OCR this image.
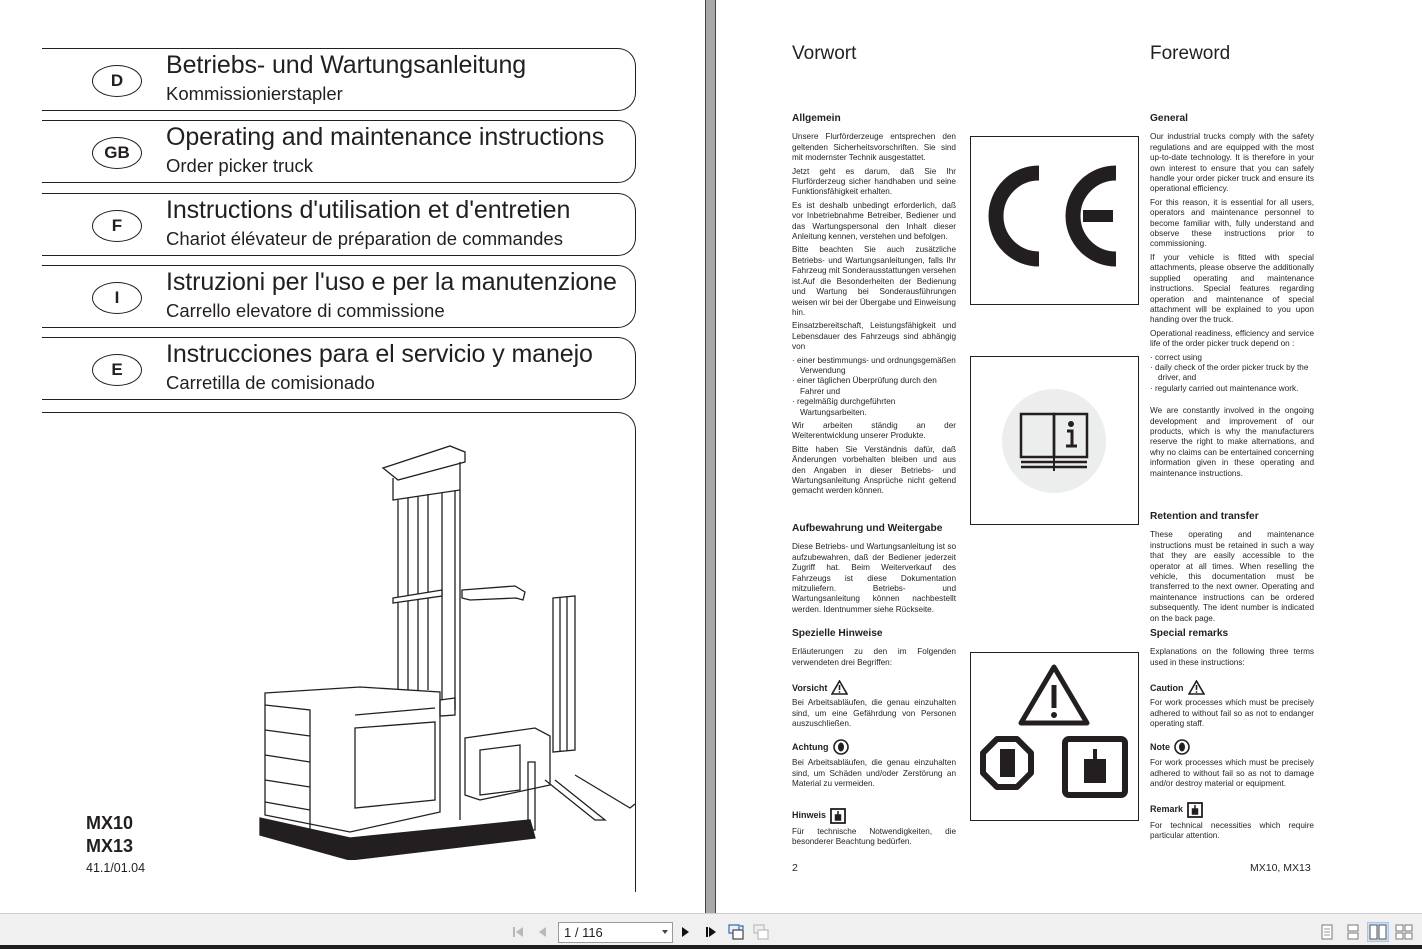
D
Betriebs- und Wartungsanleitung
Kommissionierstapler
GB
Operating and maintenance instructions
Order picker truck
F
Instructions d'utilisation et d'entretien
Chariot élévateur de préparation de commandes
I
Istruzioni per l'uso e per la manutenzione
Carrello elevatore di commissione
E
Instrucciones para el servicio y manejo
Carretilla de comisionado
MX10
MX13
41.1/01.04
Vorwort	Foreword
Allgemein

Unsere Flurförderzeuge entsprechen den geltenden Sicherheitsvorschriften. Sie sind mit modernster Technik ausgestattet.

Jetzt geht es darum, daß Sie Ihr Flurförderzeug sicher handhaben und seine Funktionsfähigkeit erhalten.

Es ist deshalb unbedingt erforderlich, daß vor Inbetriebnahme Betreiber, Bediener und das Wartungspersonal den Inhalt dieser Anleitung kennen, verstehen und befolgen.

Bitte beachten Sie auch zusätzliche Betriebs- und Wartungsanleitungen, falls Ihr Fahrzeug mit Sonderausstattungen versehen ist.Auf die Besonderheiten der Bedienung und Wartung bei Sonderausführungen weisen wir bei der Übergabe und Einweisung hin.

Einsatzbereitschaft, Leistungsfähigkeit und Lebensdauer des Fahrzeugs sind abhängig von

· einer bestimmungs- und ordnungsgemäßen Verwendung
· einer täglichen Überprüfung durch den Fahrer und
· regelmäßig durchgeführten Wartungsarbeiten.

Wir arbeiten ständig an der Weiterentwicklung unserer Produkte.

Bitte haben Sie Verständnis dafür, daß Änderungen vorbehalten bleiben und aus den Angaben in dieser Betriebs- und Wartungsanleitung Ansprüche nicht geltend gemacht werden können.

Aufbewahrung und Weitergabe

Diese Betriebs- und Wartungsanleitung ist so aufzubewahren, daß der Bediener jederzeit Zugriff hat. Beim Weiterverkauf des Fahrzeugs ist diese Dokumentation mitzuliefern. Betriebs- und Wartungsanleitung können nachbestellt werden. Identnummer siehe Rückseite.

Spezielle Hinweise

Erläuterungen zu den im Folgenden verwendeten drei Begriffen:

Vorsicht

Bei Arbeitsabläufen, die genau einzuhalten sind, um eine Gefährdung von Personen auszuschließen.

Achtung

Bei Arbeitsabläufen, die genau einzuhalten sind, um Schäden und/oder Zerstörung an Material zu vermeiden.

Hinweis

Für technische Notwendigkeiten, die besonderer Beachtung bedürfen.

General

Our industrial trucks comply with the safety regulations and are equipped with the most up-to-date technology. It is therefore in your own interest to ensure that you can safely handle your order picker truck and ensure its operational efficiency.

For this reason, it is essential for all users, operators and maintenance personnel to become familiar with, fully understand and observe these instructions prior to commissioning.

If your vehicle is fitted with special attachments, please observe the additionally supplied operating and maintenance instructions. Special features regarding operation and maintenance of special attachment will be explained to you upon handing over the truck.

Operational readiness, efficiency and service life of the order picker truck depend on :

· correct using
· daily check of the order picker truck by the driver, and
· regularly carried out maintenance work.

We are constantly involved in the ongoing development and improvement of our products, which is why the manufacturers reserve the right to make alternations, and why no claims can be entertained concerning information given in these operating and maintenance instructions.

Retention and transfer

These operating and maintenance instructions must be retained in such a way that they are easily accessible to the operator at all times. When reselling the vehicle, this documentation must be transferred to the next owner. Operating and maintenance instructions can be ordered subsequently. The ident number is indicated on the back page.

Special remarks

Explanations on the following three terms used in these instructions:

Caution

For work processes which must be precisely adhered to without fail so as not to endanger operating staff.

Note

For work processes which must be precisely adhered to without fail so as not to damage and/or destroy material or equipment.

Remark

For technical necessities which require particular attention.

2	MX10, MX13
1 / 116
